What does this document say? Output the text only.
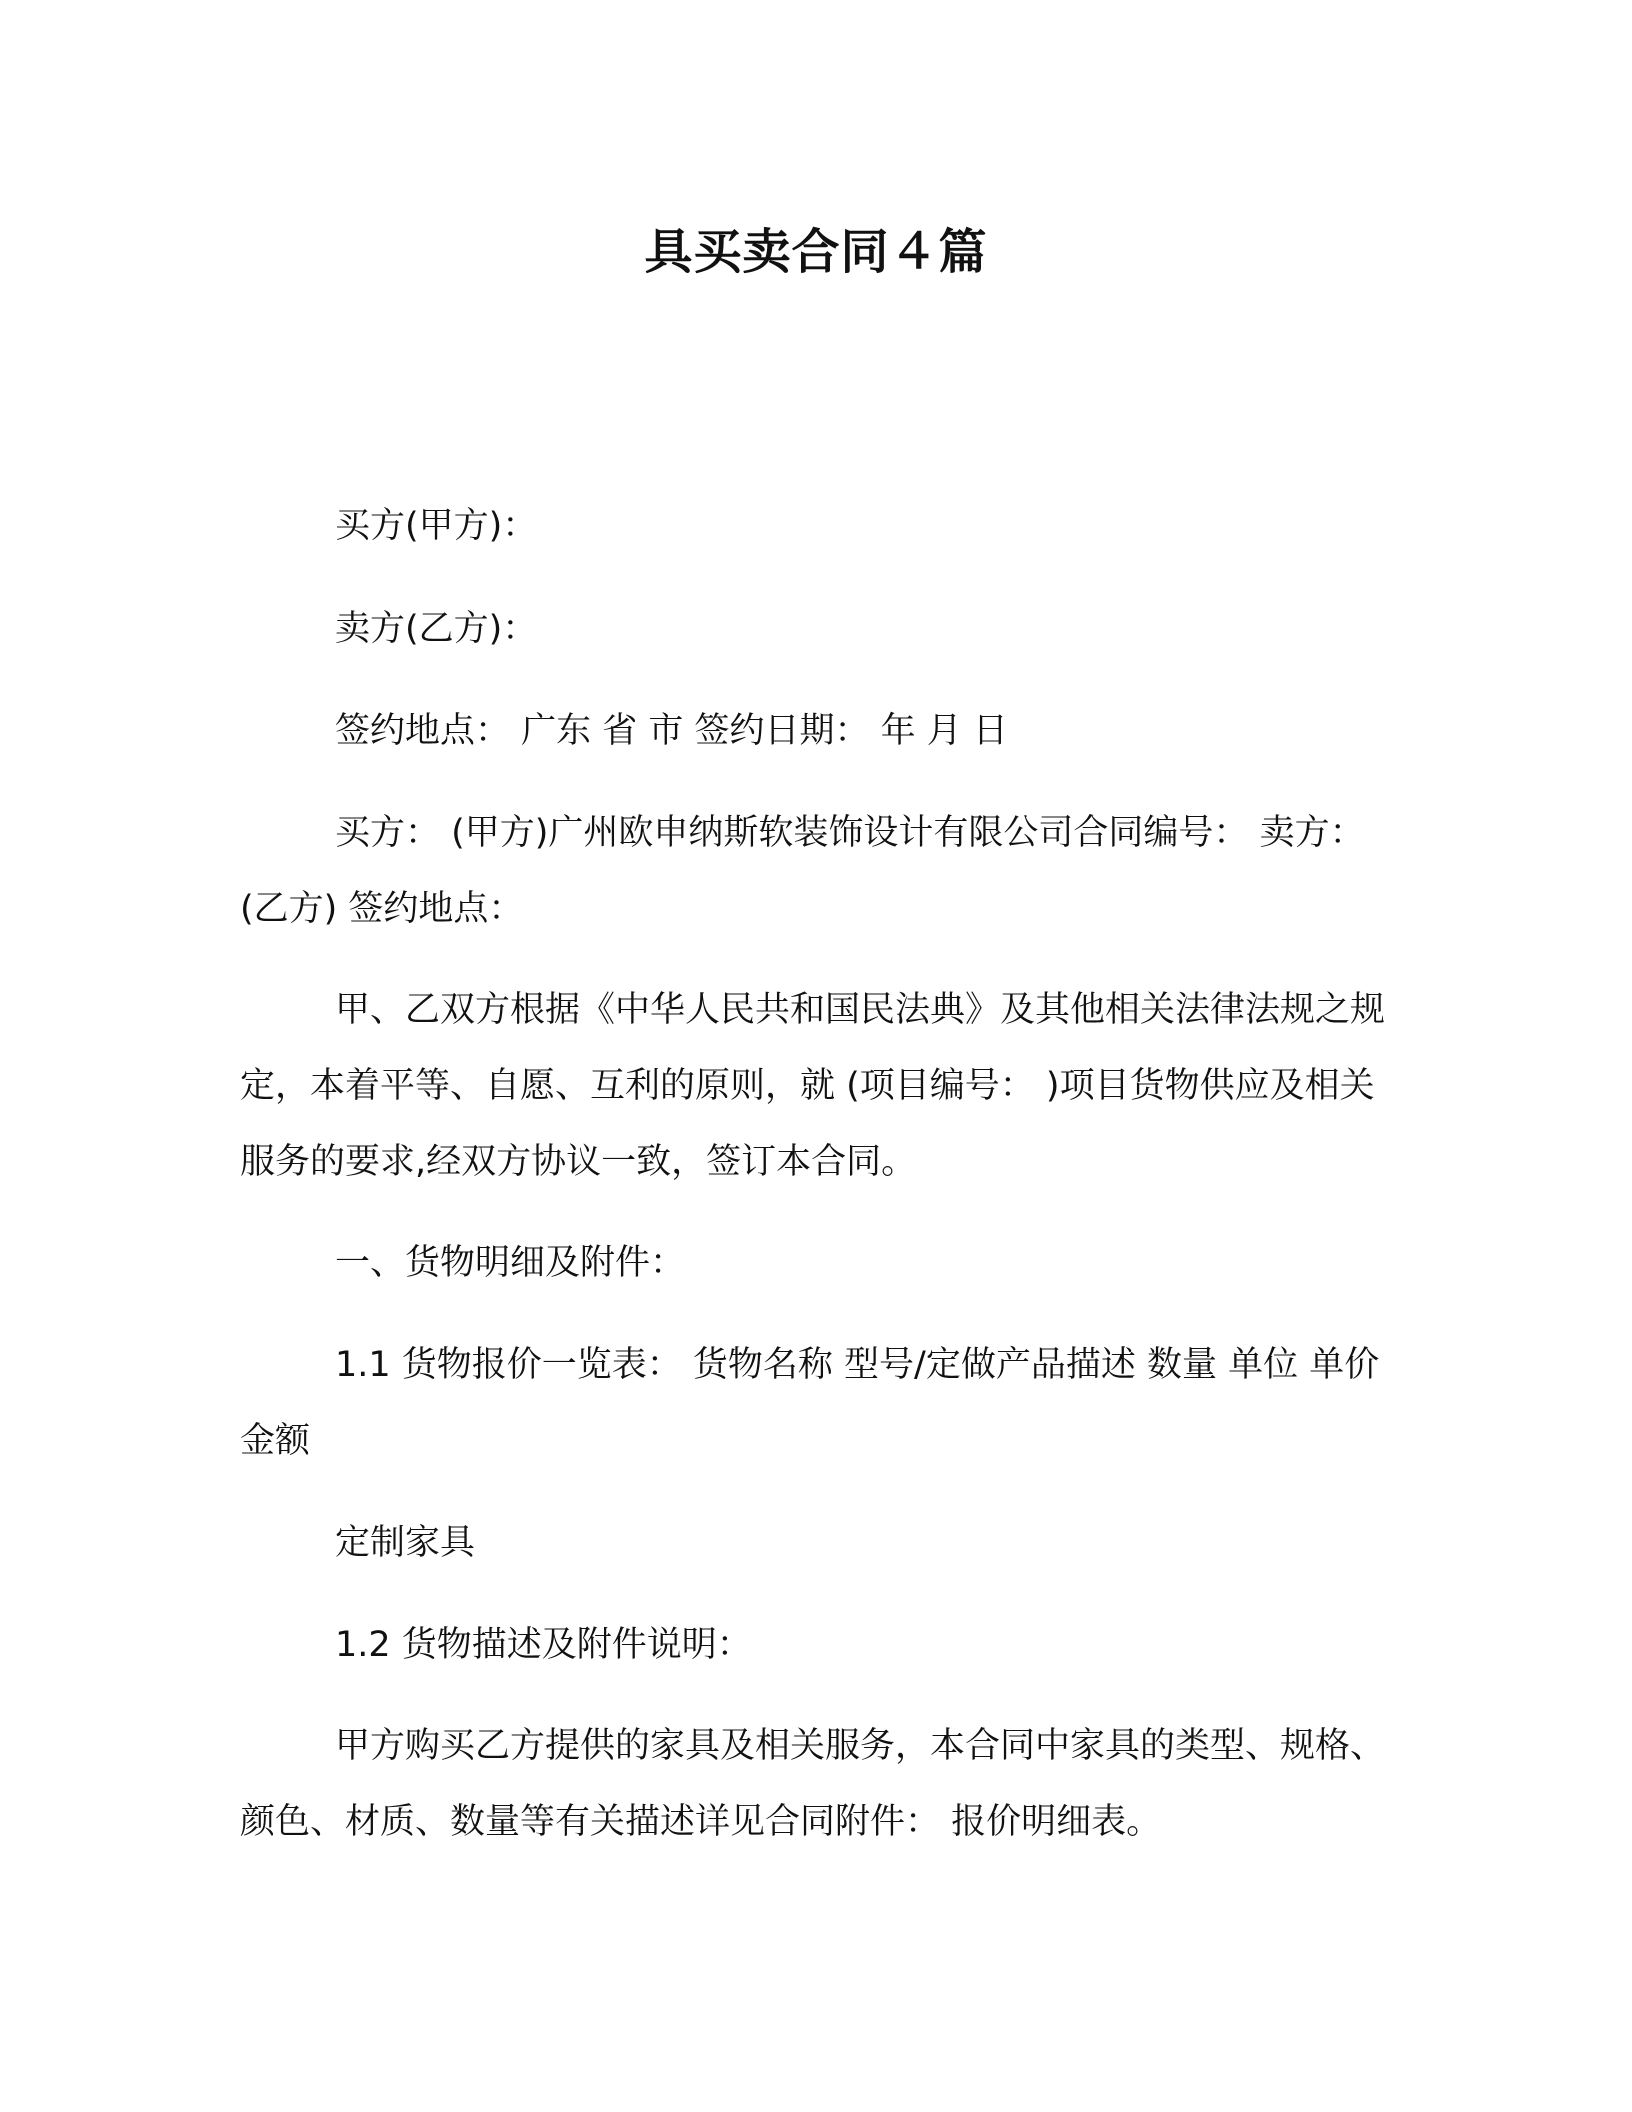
具买卖合同４篇
买方(甲方)：
卖方(乙方)：
签约地点： 广东 省 市 签约日期： 年 月 日
买方： (甲方)广州欧申纳斯软装饰设计有限公司合同编号： 卖方： (乙方) 签约地点：
甲、乙双方根据《中华人民共和国民法典》及其他相关法律法规之规定，本着平等、自愿、互利的原则，就 (项目编号： )项目货物供应及相关服务的要求,经双方协议一致，签订本合同。
一、货物明细及附件：
1.1 货物报价一览表： 货物名称 型号/定做产品描述 数量 单位 单价 金额
定制家具
1.2 货物描述及附件说明：
甲方购买乙方提供的家具及相关服务，本合同中家具的类型、规格、颜色、材质、数量等有关描述详见合同附件： 报价明细表。
